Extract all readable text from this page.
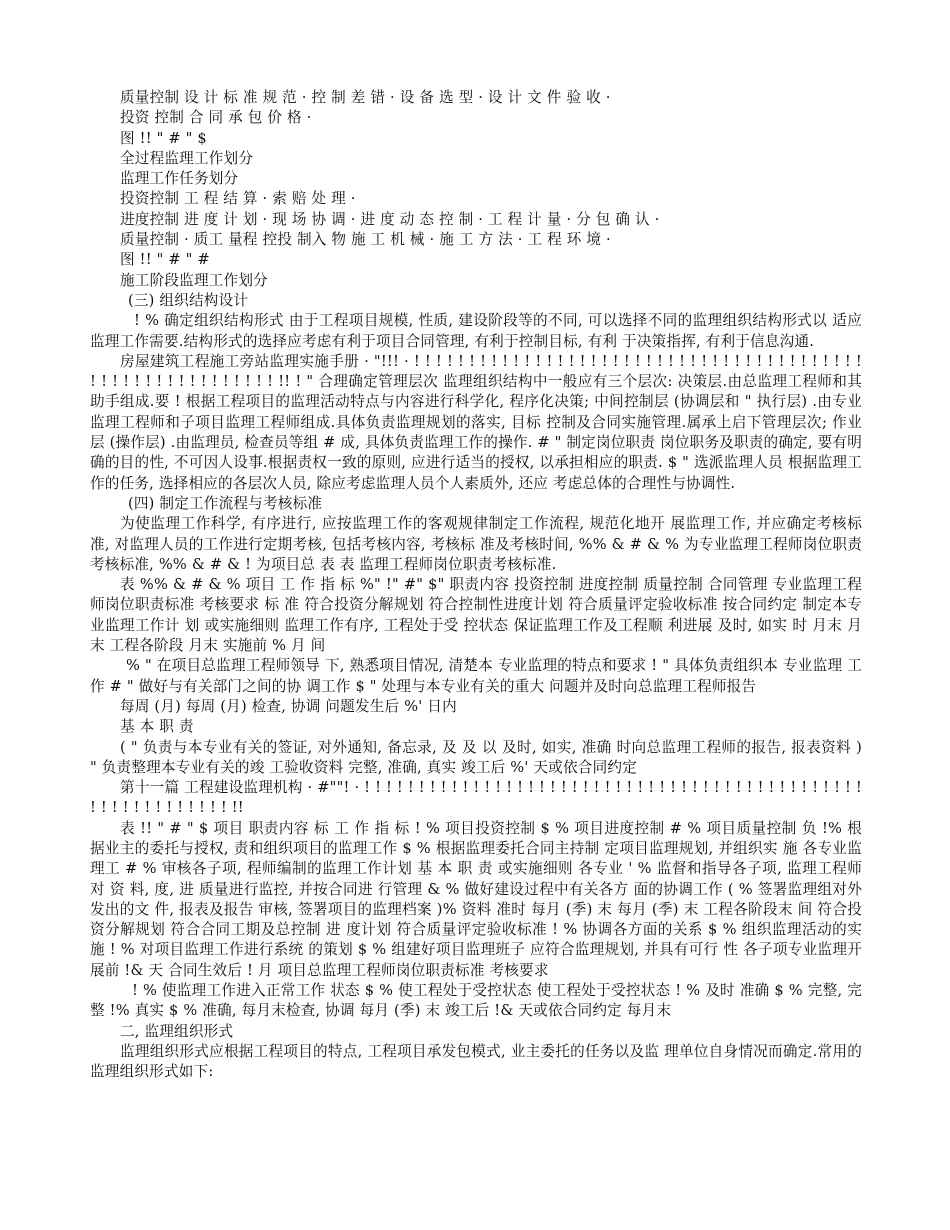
质量控制 设 计 标 准 规 范 · 控 制 差 错 · 设 备 选 型 · 设 计 文 件 验 收 ·
投资 控制 合 同 承 包 价 格 ·
图 !! " # " $
全过程监理工作划分
监理工作任务划分
投资控制 工 程 结 算 · 索 赔 处 理 ·
进度控制 进 度 计 划 · 现 场 协 调 · 进 度 动 态 控 制 · 工 程 计 量 · 分 包 确 认 ·
质量控制 · 质工 量程 控投 制入 物 施 工 机 械 · 施 工 方 法 · 工 程 环 境 ·
图 !! " # " #
施工阶段监理工作划分
(三) 组织结构设计

! % 确定组织结构形式 由于工程项目规模, 性质, 建设阶段等的不同, 可以选择不同的监理组织结构形式以 适应监理工作需要.结构形式的选择应考虑有利于项目合同管理, 有利于控制目标, 有利 于决策指挥, 有利于信息沟通.

房屋建筑工程施工旁站监理实施手册 · "!!! · ! ! ! ! ! ! ! ! ! ! ! ! ! ! ! ! ! ! ! ! ! ! ! ! ! ! ! ! ! ! ! ! ! ! ! ! ! ! ! ! ! ! ! ! ! ! ! ! ! ! ! ! ! ! ! ! ! ! !! ! " 合理确定管理层次 监理组织结构中一般应有三个层次: 决策层.由总监理工程师和其助手组成.要 ! 根据工程项目的监理活动特点与内容进行科学化, 程序化决策; 中间控制层 (协调层和 " 执行层) .由专业监理工程师和子项目监理工程师组成.具体负责监理规划的落实, 目标 控制及合同实施管理.属承上启下管理层次; 作业层 (操作层) .由监理员, 检查员等组 # 成, 具体负责监理工作的操作. # " 制定岗位职责 岗位职务及职责的确定, 要有明确的目的性, 不可因人设事.根据责权一致的原则, 应进行适当的授权, 以承担相应的职责. $ " 选派监理人员 根据监理工作的任务, 选择相应的各层次人员, 除应考虑监理人员个人素质外, 还应 考虑总体的合理性与协调性.

(四) 制定工作流程与考核标准

为使监理工作科学, 有序进行, 应按监理工作的客观规律制定工作流程, 规范化地开 展监理工作, 并应确定考核标准, 对监理人员的工作进行定期考核, 包括考核内容, 考核标 准及考核时间, %% & # & % 为专业监理工程师岗位职责考核标准, %% & # & ! 为项目总 表 表 监理工程师岗位职责考核标准.

表 %% & # & % 项目 工 作 指 标 %" !" #" $" 职责内容 投资控制 进度控制 质量控制 合同管理 专业监理工程师岗位职责标准 考核要求 标 准 符合投资分解规划 符合控制性进度计划 符合质量评定验收标准 按合同约定 制定本专业监理工作计 划 或实施细则 监理工作有序, 工程处于受 控状态 保证监理工作及工程顺 利进展 及时, 如实 时 月末 月末 工程各阶段 月末 实施前 % 月 间

% " 在项目总监理工程师领导 下, 熟悉项目情况, 清楚本 专业监理的特点和要求 ! " 具体负责组织本 专业监理 工作 # " 做好与有关部门之间的协 调工作 $ " 处理与本专业有关的重大 问题并及时向总监理工程师报告

每周 (月) 每周 (月) 检查, 协调 问题发生后 %' 日内
基 本 职 责

( " 负责与本专业有关的签证, 对外通知, 备忘录, 及 及 以 及时, 如实, 准确 时向总监理工程师的报告, 报表资料 ) " 负责整理本专业有关的竣 工验收资料 完整, 准确, 真实 竣工后 %' 天或依合同约定

第十一篇 工程建设监理机构 · #""! · ! ! ! ! ! ! ! ! ! ! ! ! ! ! ! ! ! ! ! ! ! ! ! ! ! ! ! ! ! ! ! ! ! ! ! ! ! ! ! ! ! ! ! ! ! ! ! ! ! ! ! ! ! ! ! ! ! ! ! !!

表 !! " # " $ 项目 职责内容 标 工 作 指 标 ! % 项目投资控制 $ % 项目进度控制 # % 项目质量控制 负 !% 根据业主的委托与授权, 责和组织项目的监理工作 $ % 根据监理委托合同主持制 定项目监理规划, 并组织实 施 各专业监理工 # % 审核各子项, 程师编制的监理工作计划 基 本 职 责 或实施细则 各专业 ' % 监督和指导各子项, 监理工程师对 资 料, 度, 进 质量进行监控, 并按合同进 行管理 & % 做好建设过程中有关各方 面的协调工作 ( % 签署监理组对外发出的文 件, 报表及报告 审核, 签署项目的监理档案 )% 资料 准时 每月 (季) 末 每月 (季) 末 工程各阶段末 间 符合投资分解规划 符合合同工期及总控制 进 度计划 符合质量评定验收标准 ! % 协调各方面的关系 $ % 组织监理活动的实施 ! % 对项目监理工作进行系统 的策划 $ % 组建好项目监理班子 应符合监理规划, 并具有可行 性 各子项专业监理开展前 !& 天 合同生效后 ! 月 项目总监理工程师岗位职责标准 考核要求

! % 使监理工作进入正常工作 状态 $ % 使工程处于受控状态 使工程处于受控状态 ! % 及时 准确 $ % 完整, 完整 !% 真实 $ % 准确, 每月末检查, 协调 每月 (季) 末 竣工后 !& 天或依合同约定 每月末

二, 监理组织形式

监理组织形式应根据工程项目的特点, 工程项目承发包模式, 业主委托的任务以及监 理单位自身情况而确定.常用的监理组织形式如下:
